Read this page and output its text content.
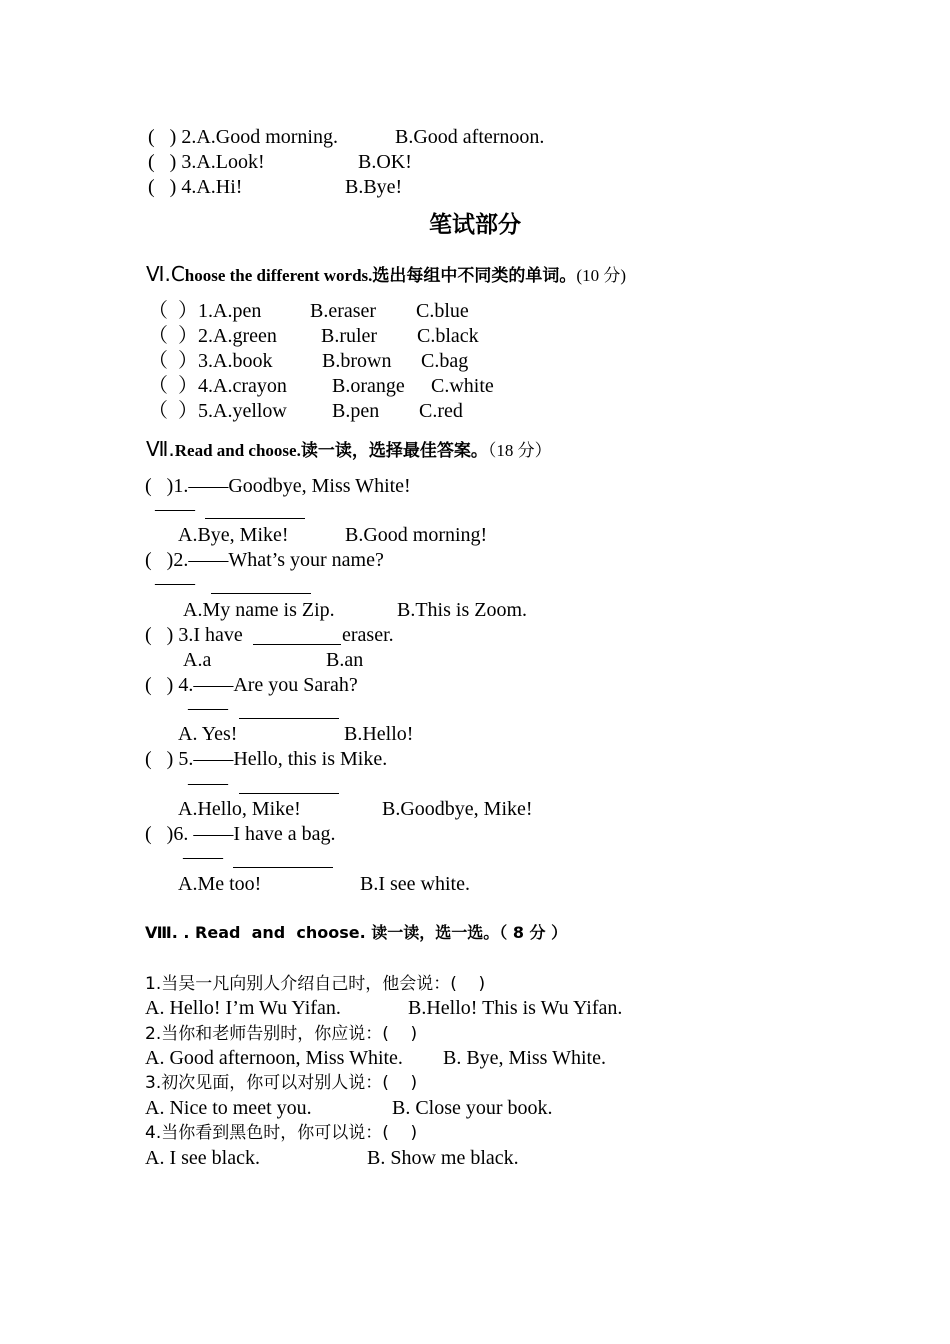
(   ) 2.A.Good morning.	B.Good afternoon.
(   ) 3.A.Look!	B.OK!
(   ) 4.A.Hi!	B.Bye!
笔试部分
Ⅵ.Choose the different words.选出每组中不同类的单词。(10 分)
（  ）1.A.pen B.eraser C.blue
（  ）2.A.green B.ruler C.black
（  ）3.A.book B.brown C.bag
（  ）4.A.crayon B.orange C.white
（  ）5.A.yellow B.pen C.red
Ⅶ.Read and choose.读一读，选择最佳答案。（18 分）
(   )1.——Goodbye, Miss White!
——
A.Bye, Mike!	B.Good morning!
(   )2.——What’s your name?
——
A.My name is Zip.	B.This is Zoom.
(   ) 3.I have	eraser.
A.a	B.an
(   ) 4.——Are you Sarah?
——
A. Yes!	B.Hello!
(   ) 5.——Hello, this is Mike.
——
A.Hello, Mike!	B.Goodbye, Mike!
(   )6. ——I have a bag.
——
A.Me too!	B.I see white.
Ⅷ. . Read  and  choose. 读一读，选一选。（ 8 分 ）
1.当吴一凡向别人介绍自己时，他会说：(    )
A. Hello! I’m Wu Yifan.	B.Hello! This is Wu Yifan.
2.当你和老师告别时，你应说：(    )
A. Good afternoon, Miss White. B. Bye, Miss White.
3.初次见面，你可以对别人说：(    )
A. Nice to meet you.	B. Close your book.
4.当你看到黑色时，你可以说：(    )
A. I see black.	B. Show me black.
